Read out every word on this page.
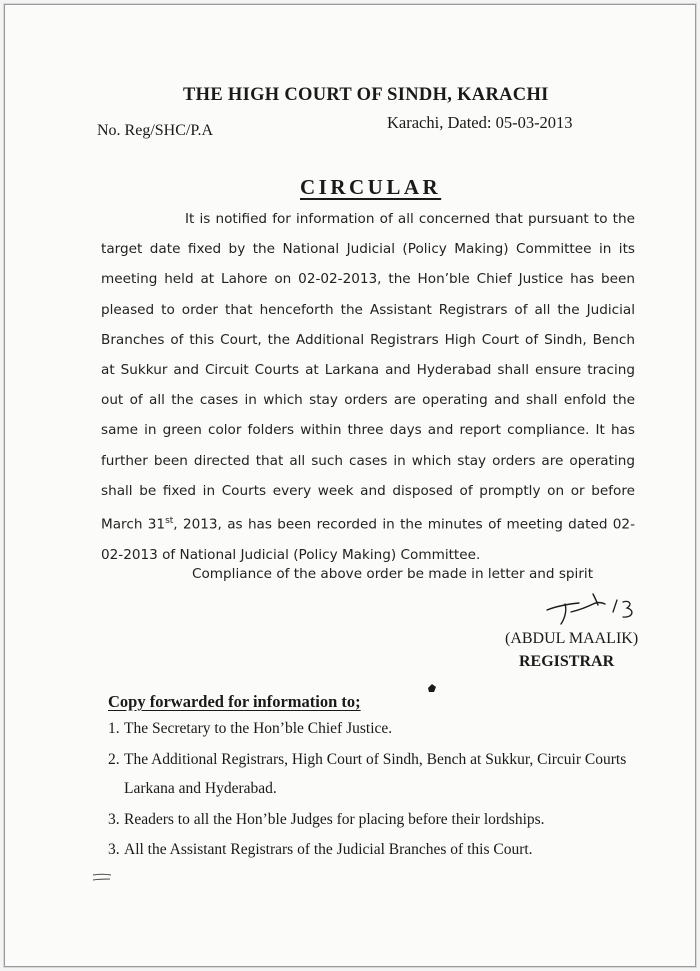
THE HIGH COURT OF SINDH, KARACHI
No. Reg/SHC/P.A	Karachi, Dated: 05-03-2013
CIRCULAR
It is notified for information of all concerned that pursuant to the target date fixed by the National Judicial (Policy Making) Committee in its meeting held at Lahore on 02-02-2013, the Hon’ble Chief Justice has been pleased to order that henceforth the Assistant Registrars of all the Judicial Branches of this Court, the Additional Registrars High Court of Sindh, Bench at Sukkur and Circuit Courts at Larkana and Hyderabad shall ensure tracing out of all the cases in which stay orders are operating and shall enfold the same in green color folders within three days and report compliance. It has further been directed that all such cases in which stay orders are operating shall be fixed in Courts every week and disposed of promptly on or before March 31st, 2013, as has been recorded in the minutes of meeting dated 02-02-2013 of National Judicial (Policy Making) Committee.
Compliance of the above order be made in letter and spirit
(ABDUL MAALIK)
REGISTRAR
Copy forwarded for information to;
1. The Secretary to the Hon’ble Chief Justice.
2. The Additional Registrars, High Court of Sindh, Bench at Sukkur, Circuir Courts Larkana and Hyderabad.
3. Readers to all the Hon’ble Judges for placing before their lordships.
3. All the Assistant Registrars of the Judicial Branches of this Court.
